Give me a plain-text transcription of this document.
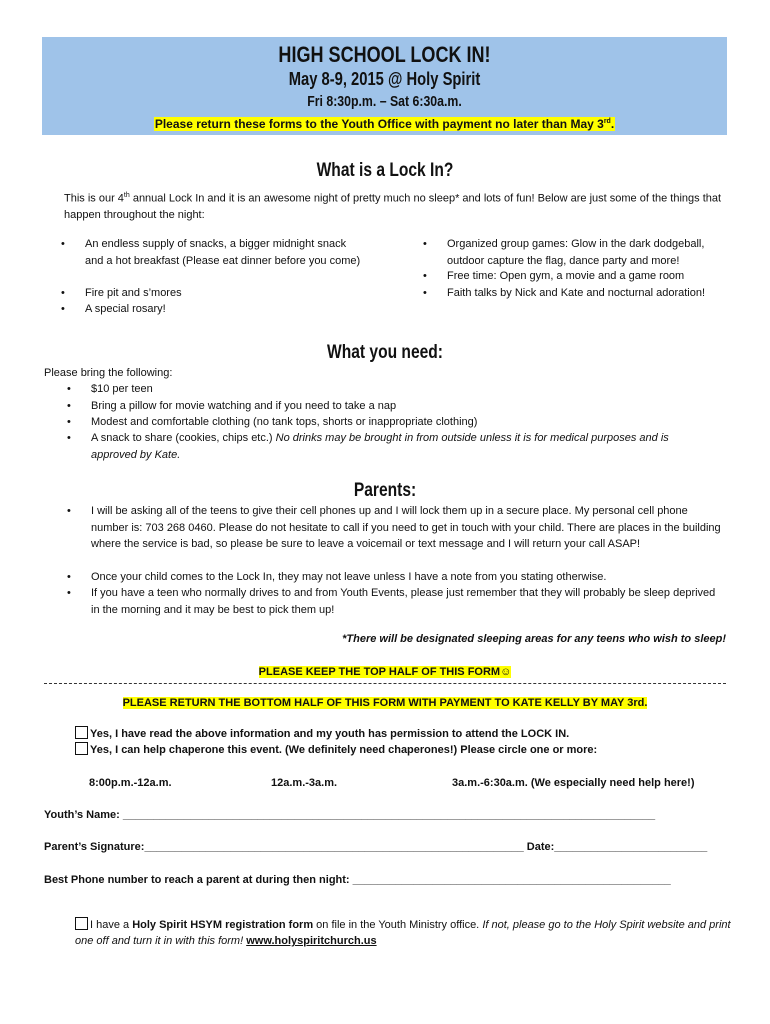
HIGH SCHOOL LOCK IN!
May 8-9, 2015 @ Holy Spirit
Fri 8:30p.m. – Sat 6:30a.m.
Please return these forms to the Youth Office with payment no later than May 3rd.
What is a Lock In?
This is our 4th annual Lock In and it is an awesome night of pretty much no sleep* and lots of fun! Below are just some of the things that happen throughout the night:
• An endless supply of snacks, a bigger midnight snack and a hot breakfast (Please eat dinner before you come)
• Fire pit and s’mores
• A special rosary!
• Organized group games: Glow in the dark dodgeball, outdoor capture the flag, dance party and more!
• Free time: Open gym, a movie and a game room
• Faith talks by Nick and Kate and nocturnal adoration!
What you need:
Please bring the following:
• $10 per teen
• Bring a pillow for movie watching and if you need to take a nap
• Modest and comfortable clothing (no tank tops, shorts or inappropriate clothing)
• A snack to share (cookies, chips etc.) No drinks may be brought in from outside unless it is for medical purposes and is approved by Kate.
Parents:
• I will be asking all of the teens to give their cell phones up and I will lock them up in a secure place. My personal cell phone number is: 703 268 0460. Please do not hesitate to call if you need to get in touch with your child. There are places in the building where the service is bad, so please be sure to leave a voicemail or text message and I will return your call ASAP!
• Once your child comes to the Lock In, they may not leave unless I have a note from you stating otherwise.
• If you have a teen who normally drives to and from Youth Events, please just remember that they will probably be sleep deprived in the morning and it may be best to pick them up!
*There will be designated sleeping areas for any teens who wish to sleep!
PLEASE KEEP THE TOP HALF OF THIS FORM☺
PLEASE RETURN THE BOTTOM HALF OF THIS FORM WITH PAYMENT TO KATE KELLY BY MAY 3rd.
Yes, I have read the above information and my youth has permission to attend the LOCK IN.
Yes, I can help chaperone this event. (We definitely need chaperones!) Please circle one or more:
8:00p.m.-12a.m.	12a.m.-3a.m.	3a.m.-6:30a.m. (We especially need help here!)
Youth’s Name: _______________________________________________________________________________________
Parent’s Signature:______________________________________________________________ Date:_________________________
Best Phone number to reach a parent at during then night: ____________________________________________________
I have a Holy Spirit HSYM registration form on file in the Youth Ministry office. If not, please go to the Holy Spirit website and print one off and turn it in with this form! www.holyspiritchurch.us
